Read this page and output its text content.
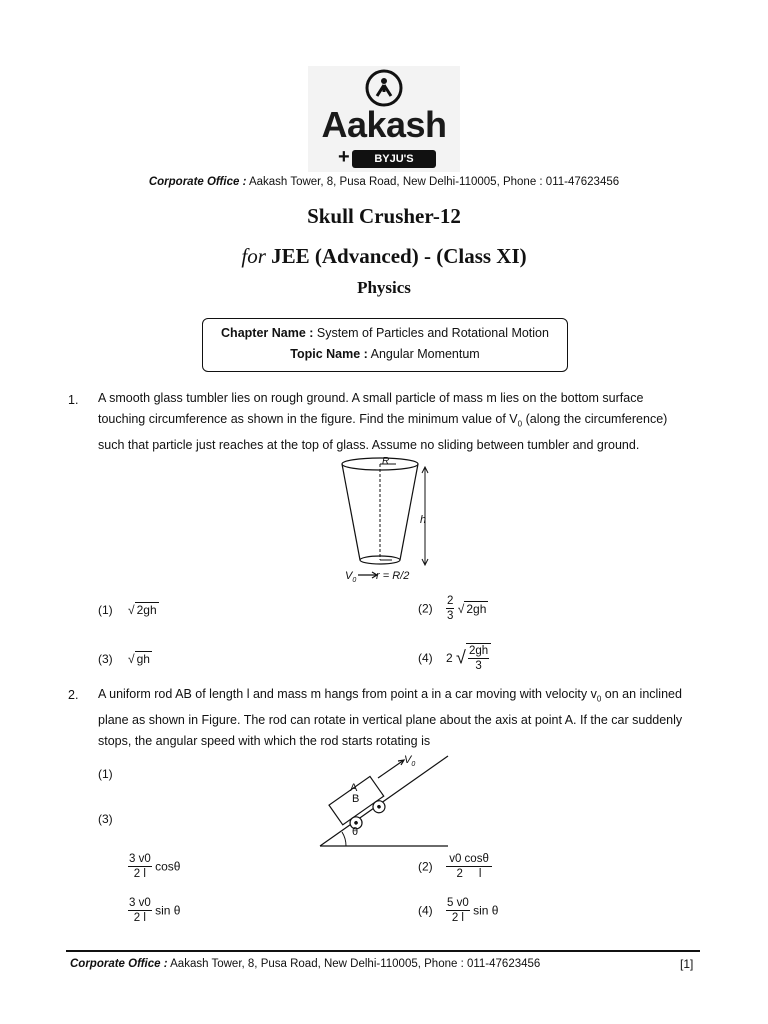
Aakash
+	BYJU'S
Corporate Office : Aakash Tower, 8, Pusa Road, New Delhi-110005, Phone : 011-47623456
Skull Crusher-12
for JEE (Advanced) - (Class XI)
Physics
Chapter Name : System of Particles and Rotational Motion
Topic Name : Angular Momentum
1. A smooth glass tumbler lies on rough ground. A small particle of mass m lies on the bottom surface
touching circumference as shown in the figure. Find the minimum value of $V_0$ (along the circumference)
such that particle just reaches at the top of glass. Assume no sliding between tumbler and ground.
R
h
$V_0$ r = R/2
(1) √ 2gh	$(2) \frac{2}{3}$ √ 2gh
(3) √ gh	(4) 2 √ $\frac{2gh}{3}$
2. A uniform rod AB of length l and mass m hangs from point a in a car moving with velocity $v_0$ on an inclined
plane as shown in Figure. The rod can rotate in vertical plane about the axis at point A. If the car suddenly
stops, the angular speed with which the rod starts rotating is
(1)
(3)
$V_0$
A
B
θ
$\frac{3 v0}{2 l}$ cosθ	$(2) \frac{v0 \cos\theta}{2 l}$
$\frac{3 v0}{2 l}$ sin θ	$(4) \frac{5 v0}{2 l}$ sin θ
Corporate Office : Aakash Tower, 8, Pusa Road, New Delhi-110005, Phone : 011-47623456	[1]
